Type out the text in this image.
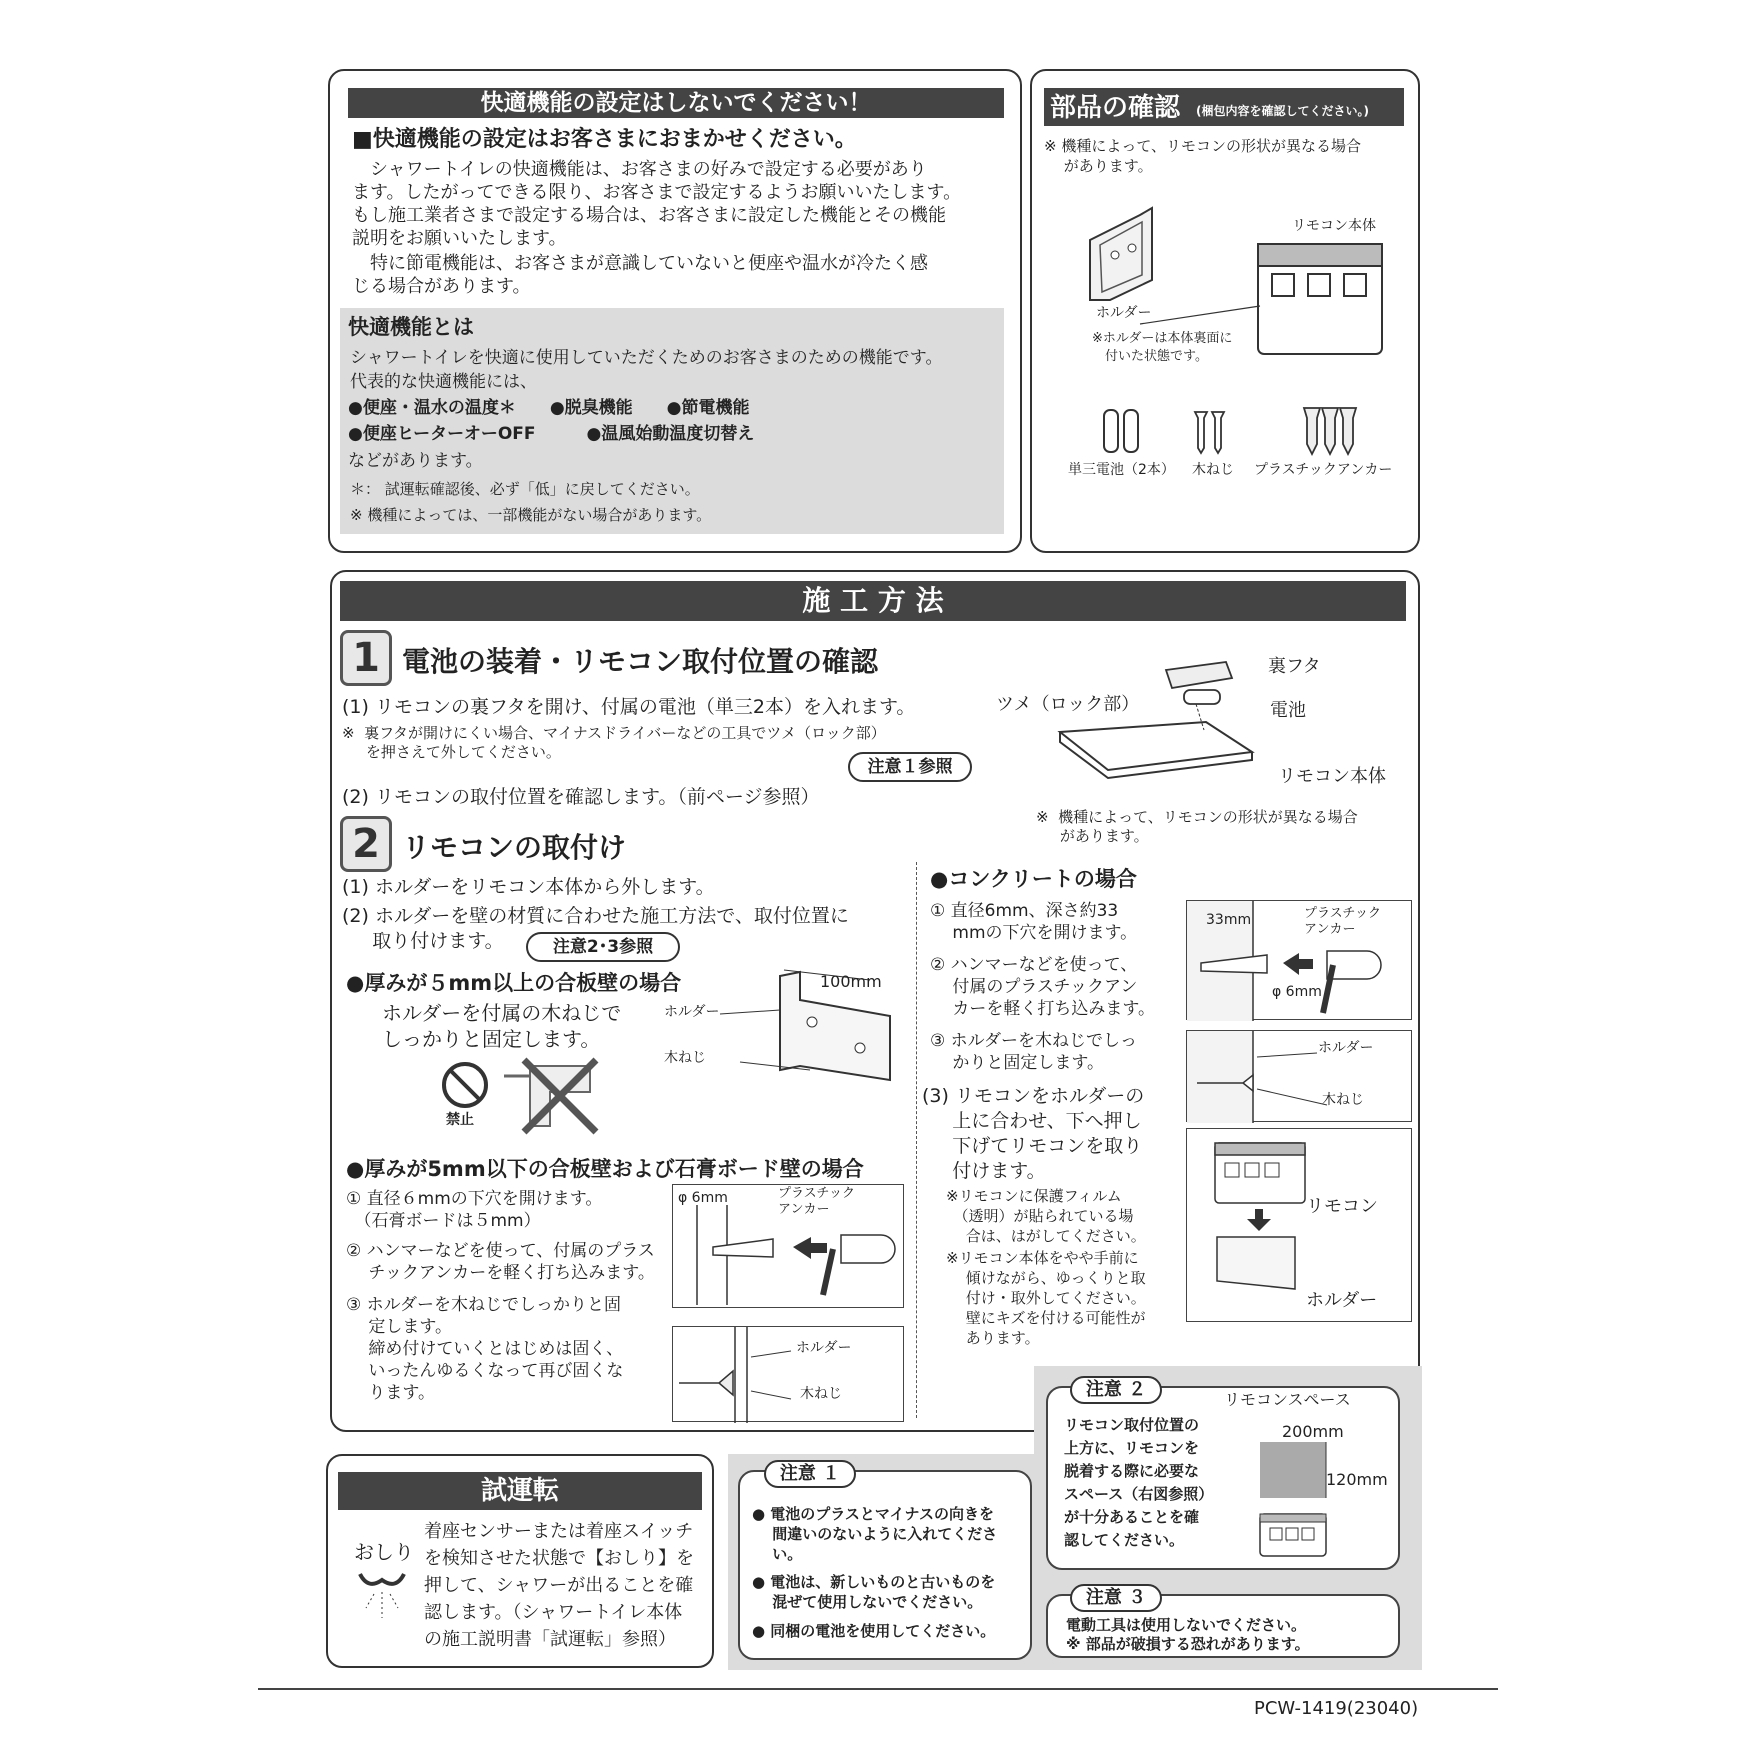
快適機能の設定はしないでください！
■快適機能の設定はお客さまにおまかせください。
　シャワートイレの快適機能は、お客さまの好みで設定する必要があり
ます。したがってできる限り、お客さまで設定するようお願いいたします。
もし施工業者さまで設定する場合は、お客さまに設定した機能とその機能
説明をお願いいたします。
　特に節電機能は、お客さまが意識していないと便座や温水が冷たく感
じる場合があります。
快適機能とは
シャワートイレを快適に使用していただくためのお客さまのための機能です。
代表的な快適機能には、
●便座・温水の温度＊　　●脱臭機能　　●節電機能
●便座ヒーターオーOFF　　　●温風始動温度切替え
などがあります。
＊： 試運転確認後、必ず「低」に戻してください。
※ 機種によっては、一部機能がない場合があります。
部品の確認 (梱包内容を確認してください。)
※ 機種によって、リモコンの形状が異なる場合
　 があります。
リモコン本体
ホルダー
※ホルダーは本体裏面に
　付いた状態です。
単三電池（2本） 木ねじ プラスチックアンカー
施 工 方 法
1 電池の装着・リモコン取付位置の確認
(1) リモコンの裏フタを開け、付属の電池（単三2本）を入れます。
※  裏フタが開けにくい場合、マイナスドライバーなどの工具でツメ（ロック部）
を押さえて外してください。
注意１参照
(2) リモコンの取付位置を確認します。（前ページ参照）
裏フタ
ツメ（ロック部）	電池
リモコン本体
※  機種によって、リモコンの形状が異なる場合
があります。
2 リモコンの取付け
(1) ホルダーをリモコン本体から外します。
(2) ホルダーを壁の材質に合わせた施工方法で、取付位置に
取り付けます。	注意2･3参照
●厚みが５mm以上の合板壁の場合
ホルダーを付属の木ねじで
しっかりと固定します。
禁止
100mm
ホルダー
木ねじ
●厚みが5mm以下の合板壁および石膏ボード壁の場合
① 直径６mmの下穴を開けます。
　（石膏ボードは５mm）
② ハンマーなどを使って、付属のプラス
　 チックアンカーを軽く打ち込みます。
③ ホルダーを木ねじでしっかりと固
　 定します。
　 締め付けていくとはじめは固く、
　 いったんゆるくなって再び固くな
　 ります。
φ 6mm	プラスチック
アンカー
ホルダー
木ねじ
●コンクリートの場合
① 直径6mm、深さ約33
　 mmの下穴を開けます。
② ハンマーなどを使って、
　 付属のプラスチックアン
　 カーを軽く打ち込みます。
③ ホルダーを木ねじでしっ
　 かりと固定します。
33mm	プラスチック
アンカー
φ 6mm
ホルダー
木ねじ
(3) リモコンをホルダーの
上に合わせ、下へ押し
下げてリモコンを取り
付けます。
※リモコンに保護フィルム
　（透明）が貼られている場
　 合は、はがしてください。
※リモコン本体をやや手前に
　 傾けながら、ゆっくりと取
　 付け・取外してください。
　 壁にキズを付ける可能性が
　 あります。
リモコン
ホルダー
試運転
おしり
着座センサーまたは着座スイッチ
を検知させた状態で【おしり】を
押して、シャワーが出ることを確
認します。（シャワートイレ本体
の施工説明書「試運転」参照）
注意 １
● 電池のプラスとマイナスの向きを
　 間違いのないように入れてくださ
　 い。
● 電池は、新しいものと古いものを
　 混ぜて使用しないでください。
● 同梱の電池を使用してください。
注意 ２
リモコン取付位置の
上方に、リモコンを
脱着する際に必要な
スペース（右図参照）
が十分あることを確
認してください。
リモコンスペース
200mm
120mm
注意 ３
電動工具は使用しないでください。
※ 部品が破損する恐れがあります。
PCW-1419(23040)
